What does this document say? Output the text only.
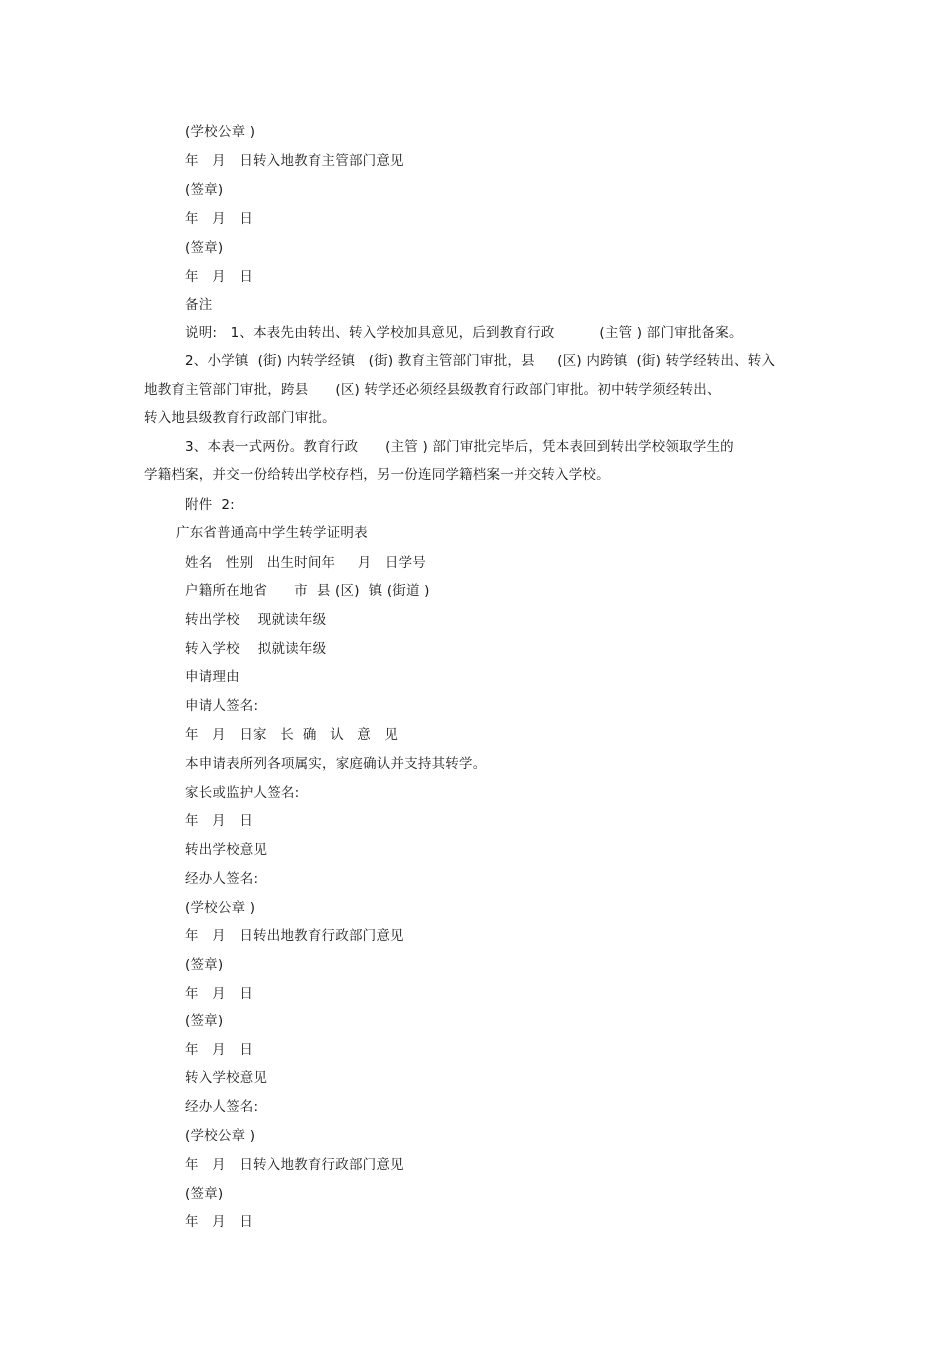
(学校公章 )
年   月   日转入地教育主管部门意见
(签章)
年   月   日
(签章)
年   月   日
备注
说明:   1、本表先由转出、转入学校加具意见，后到教育行政          (主管 ) 部门审批备案。
2、小学镇  (街) 内转学经镇   (街) 教育主管部门审批，县     (区) 内跨镇  (街) 转学经转出、转入
地教育主管部门审批，跨县      (区) 转学还必须经县级教育行政部门审批。初中转学须经转出、
转入地县级教育行政部门审批。
3、本表一式两份。教育行政      (主管 ) 部门审批完毕后，凭本表回到转出学校领取学生的
学籍档案，并交一份给转出学校存档，另一份连同学籍档案一并交转入学校。
附件  2:
广东省普通高中学生转学证明表
姓名   性别   出生时间年     月   日学号
户籍所在地省      市  县 (区)  镇 (街道 )
转出学校    现就读年级
转入学校    拟就读年级
申请理由
申请人签名:
年   月   日家   长  确   认   意   见
本申请表所列各项属实，家庭确认并支持其转学。
家长或监护人签名:
年   月   日
转出学校意见
经办人签名:
(学校公章 )
年   月   日转出地教育行政部门意见
(签章)
年   月   日
(签章)
年   月   日
转入学校意见
经办人签名:
(学校公章 )
年   月   日转入地教育行政部门意见
(签章)
年   月   日
